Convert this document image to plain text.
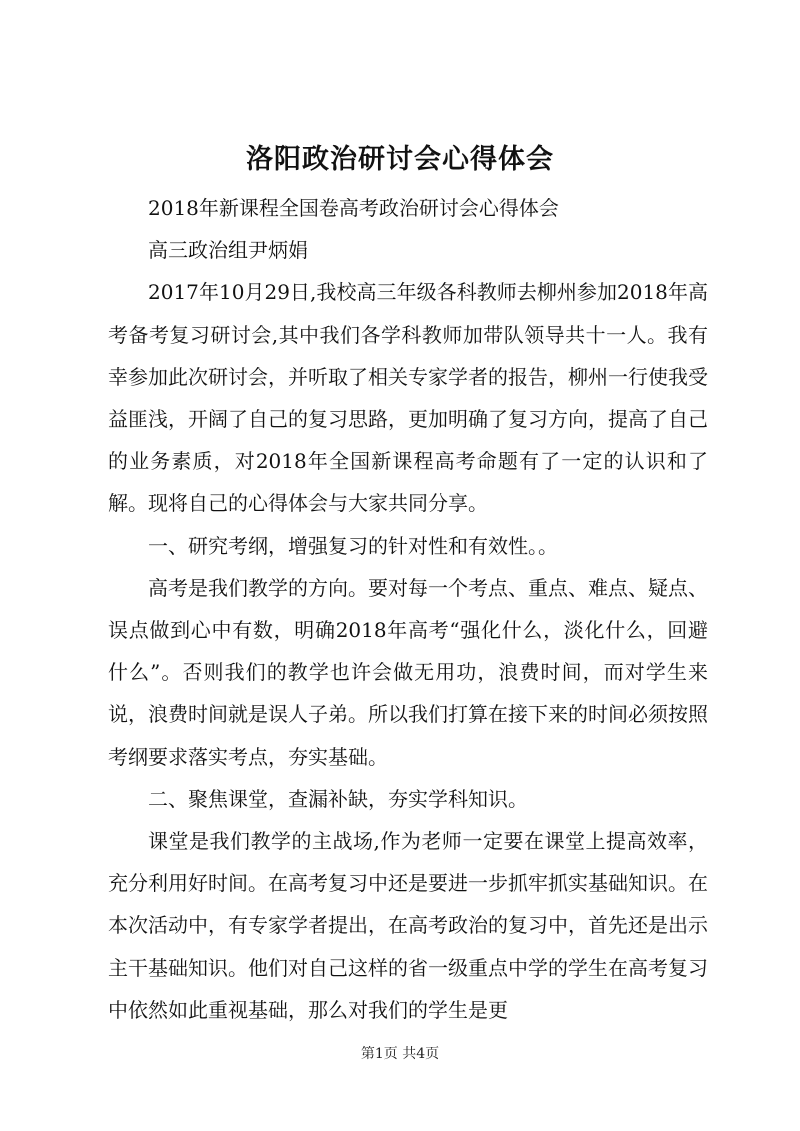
洛阳政治研讨会心得体会

2018年新课程全国卷高考政治研讨会心得体会

高三政治组尹炳娟

2017年10月29日,我校高三年级各科教师去柳州参加2018年高考备考复习研讨会,其中我们各学科教师加带队领导共十一人。我有幸参加此次研讨会，并听取了相关专家学者的报告，柳州一行使我受益匪浅，开阔了自己的复习思路，更加明确了复习方向，提高了自己的业务素质，对2018年全国新课程高考命题有了一定的认识和了解。现将自己的心得体会与大家共同分享。

一、研究考纲，增强复习的针对性和有效性。。

高考是我们教学的方向。要对每一个考点、重点、难点、疑点、误点做到心中有数，明确2018年高考“强化什么，淡化什么，回避什么”。否则我们的教学也许会做无用功，浪费时间，而对学生来说，浪费时间就是误人子弟。所以我们打算在接下来的时间必须按照考纲要求落实考点，夯实基础。

二、聚焦课堂，查漏补缺，夯实学科知识。

课堂是我们教学的主战场,作为老师一定要在课堂上提高效率，充分利用好时间。在高考复习中还是要进一步抓牢抓实基础知识。在本次活动中，有专家学者提出，在高考政治的复习中，首先还是出示主干基础知识。他们对自己这样的省一级重点中学的学生在高考复习中依然如此重视基础，那么对我们的学生是更

第1页 共4页
